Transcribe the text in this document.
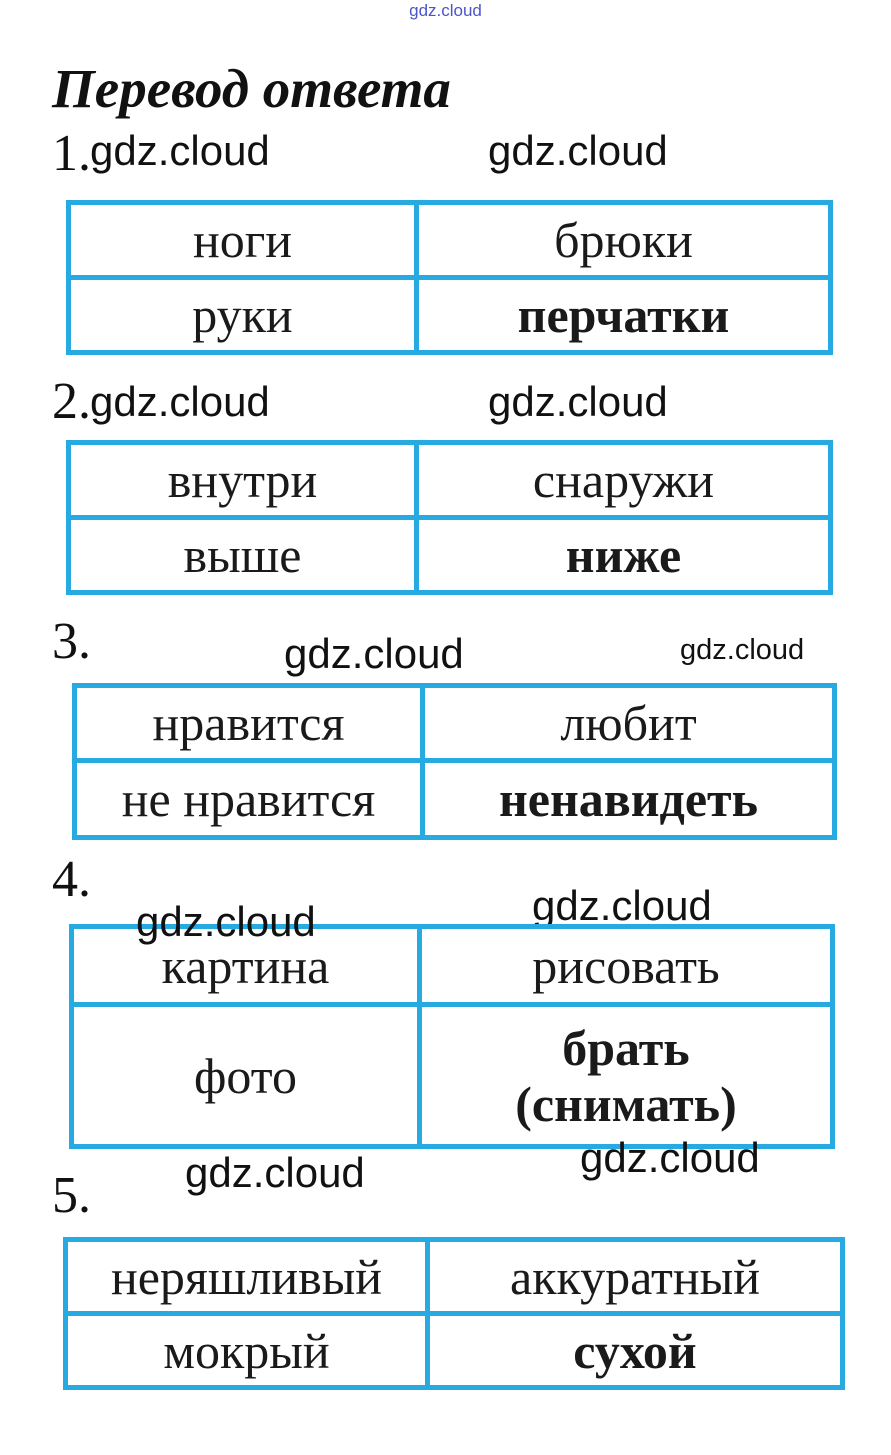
gdz.cloud
Перевод ответа
1. gdz.cloud	gdz.cloud
ноги	брюки
руки	перчатки
2. gdz.cloud	gdz.cloud
внутри	снаружи
выше	ниже
3.	gdz.cloud	gdz.cloud
нравится	любит
не нравится	ненавидеть
4.
gdz.cloud	gdz.cloud
картина	рисовать
фото	брать (снимать)
5. gdz.cloud	gdz.cloud
неряшливый	аккуратный
мокрый	сухой
